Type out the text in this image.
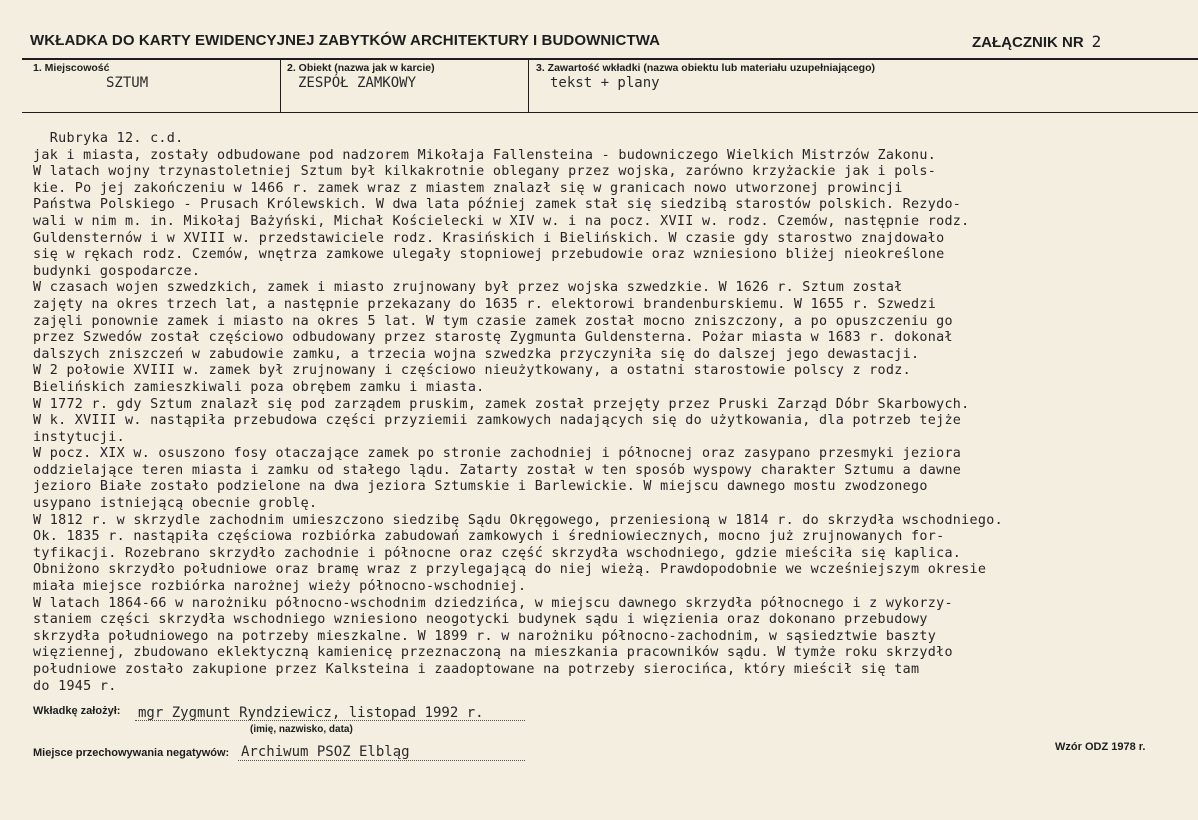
WKŁADKA DO KARTY EWIDENCYJNEJ ZABYTKÓW ARCHITEKTURY I BUDOWNICTWA	ZAŁĄCZNIK NR 2
1. Miejscowość
SZTUM
2. Obiekt (nazwa jak w karcie)
ZESPÓŁ ZAMKOWY
3. Zawartość wkładki (nazwa obiektu lub materiału uzupełniającego)
tekst + plany
Rubryka 12. c.d.
jak i miasta, zostały odbudowane pod nadzorem Mikołaja Fallensteina - budowniczego Wielkich Mistrzów Zakonu.
W latach wojny trzynastoletniej Sztum był kilkakrotnie oblegany przez wojska, zarówno krzyżackie jak i pols-
kie. Po jej zakończeniu w 1466 r. zamek wraz z miastem znalazł się w granicach nowo utworzonej prowincji
Państwa Polskiego - Prusach Królewskich. W dwa lata później zamek stał się siedzibą starostów polskich. Rezydo-
wali w nim m. in. Mikołaj Bażyński, Michał Kościelecki w XIV w. i na pocz. XVII w. rodz. Czemów, następnie rodz.
Guldensternów i w XVIII w. przedstawiciele rodz. Krasińskich i Bielińskich. W czasie gdy starostwo znajdowało
się w rękach rodz. Czemów, wnętrza zamkowe ulegały stopniowej przebudowie oraz wzniesiono bliżej nieokreślone
budynki gospodarcze.
W czasach wojen szwedzkich, zamek i miasto zrujnowany był przez wojska szwedzkie. W 1626 r. Sztum został
zajęty na okres trzech lat, a następnie przekazany do 1635 r. elektorowi brandenburskiemu. W 1655 r. Szwedzi
zajęli ponownie zamek i miasto na okres 5 lat. W tym czasie zamek został mocno zniszczony, a po opuszczeniu go
przez Szwedów został częściowo odbudowany przez starostę Zygmunta Guldensterna. Pożar miasta w 1683 r. dokonał
dalszych zniszczeń w zabudowie zamku, a trzecia wojna szwedzka przyczyniła się do dalszej jego dewastacji.
W 2 połowie XVIII w. zamek był zrujnowany i częściowo nieużytkowany, a ostatni starostowie polscy z rodz.
Bielińskich zamieszkiwali poza obrębem zamku i miasta.
W 1772 r. gdy Sztum znalazł się pod zarządem pruskim, zamek został przejęty przez Pruski Zarząd Dóbr Skarbowych.
W k. XVIII w. nastąpiła przebudowa części przyziemii zamkowych nadających się do użytkowania, dla potrzeb tejże
instytucji.
W pocz. XIX w. osuszono fosy otaczające zamek po stronie zachodniej i północnej oraz zasypano przesmyki jeziora
oddzielające teren miasta i zamku od stałego lądu. Zatarty został w ten sposób wyspowy charakter Sztumu a dawne
jezioro Białe zostało podzielone na dwa jeziora Sztumskie i Barlewickie. W miejscu dawnego mostu zwodzonego
usypano istniejącą obecnie groblę.
W 1812 r. w skrzydle zachodnim umieszczono siedzibę Sądu Okręgowego, przeniesioną w 1814 r. do skrzydła wschodniego.
Ok. 1835 r. nastąpiła częściowa rozbiórka zabudowań zamkowych i średniowiecznych, mocno już zrujnowanych for-
tyfikacji. Rozebrano skrzydło zachodnie i północne oraz część skrzydła wschodniego, gdzie mieściła się kaplica.
Obniżono skrzydło południowe oraz bramę wraz z przylegającą do niej wieżą. Prawdopodobnie we wcześniejszym okresie
miała miejsce rozbiórka narożnej wieży północno-wschodniej.
W latach 1864-66 w narożniku północno-wschodnim dziedzińca, w miejscu dawnego skrzydła północnego i z wykorzy-
staniem części skrzydła wschodniego wzniesiono neogotycki budynek sądu i więzienia oraz dokonano przebudowy
skrzydła południowego na potrzeby mieszkalne. W 1899 r. w narożniku północno-zachodnim, w sąsiedztwie baszty
więziennej, zbudowano eklektyczną kamienicę przeznaczoną na mieszkania pracowników sądu. W tymże roku skrzydło
południowe zostało zakupione przez Kalksteina i zaadoptowane na potrzeby sierocińca, który mieścił się tam
do 1945 r.
Wkładkę założył: mgr Zygmunt Ryndziewicz, listopad 1992 r.
(imię, nazwisko, data)
Miejsce przechowywania negatywów: Archiwum PSOZ Elbląg	Wzór ODZ 1978 r.
